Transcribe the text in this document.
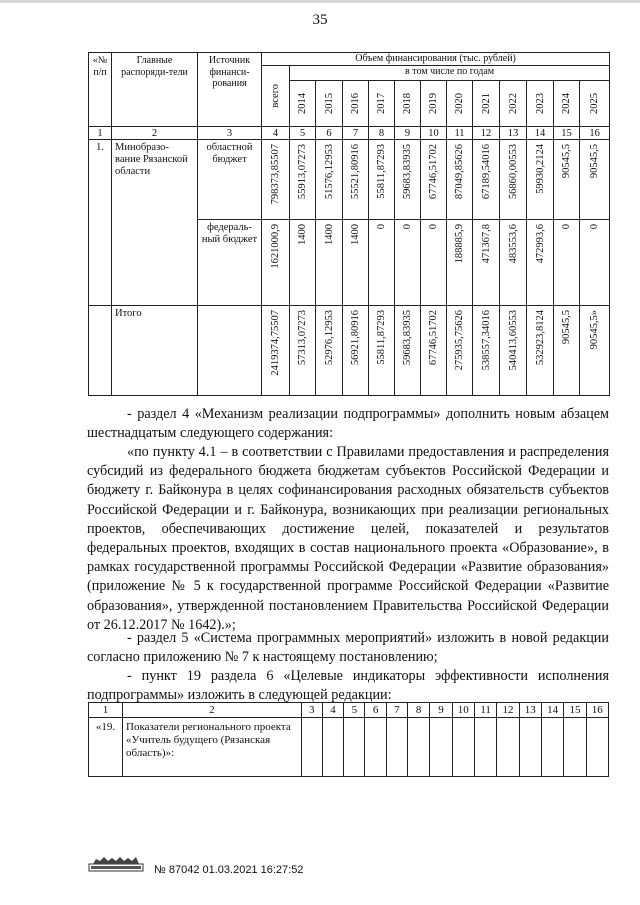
35
«№ п/п	Главные распоряди-тели	Источник финанси-рования	Объем финансирования (тыс. рублей)												

			всего	в том числе по годам											

				2014	2015	2016	2017	2018	2019	2020	2021	2022	2023	2024	2025

1	2	3	4	5	6	7	8	9	10	11	12	13	14	15	16
1.	Минобразо-вание Рязанской области	областной бюджет	798373,85507	55913,07273	51576,12953	55521,80916	55811,87293	59683,83935	67746,51702	87049,85626	67189,54016	56860,00553	59930,2124	90545,5	90545,5

		федераль-ный бюджет	1621000,9	1400	1400	1400	0	0	0	188885,9	471367,8	483553,6	472993,6	0	0

	Итого		2419374,75507	57313,07273	52976,12953	56921,80916	55811,87293	59683,83935	67746,51702	275935,75626	538557,34016	540413,60553	532923,8124	90545,5	90545,5»

- раздел 4 «Механизм реализации подпрограммы» дополнить новым абзацем шестнадцатым следующего содержания:

«по пункту 4.1 – в соответствии с Правилами предоставления и распределения субсидий из федерального бюджета бюджетам субъектов Российской Федерации и бюджету г. Байконура в целях софинансирования расходных обязательств субъектов Российской Федерации и г. Байконура, возникающих при реализации региональных проектов, обеспечивающих достижение целей, показателей и результатов федеральных проектов, входящих в состав национального проекта «Образование», в рамках государственной программы Российской Федерации «Развитие образования» (приложение № 5 к государственной программе Российской Федерации «Развитие образования», утвержденной постановлением Правительства Российской Федерации от 26.12.2017 № 1642).»;

- раздел 5 «Система программных мероприятий» изложить в новой редакции согласно приложению № 7 к настоящему постановлению;

- пункт 19 раздела 6 «Целевые индикаторы эффективности исполнения подпрограммы» изложить в следующей редакции:

1	2	3	4	5	6	7	8	9	10	11	12	13	14	15	16
«19.	Показатели регионального проекта «Учитель будущего (Рязанская область)»:														
№ 87042 01.03.2021 16:27:52
